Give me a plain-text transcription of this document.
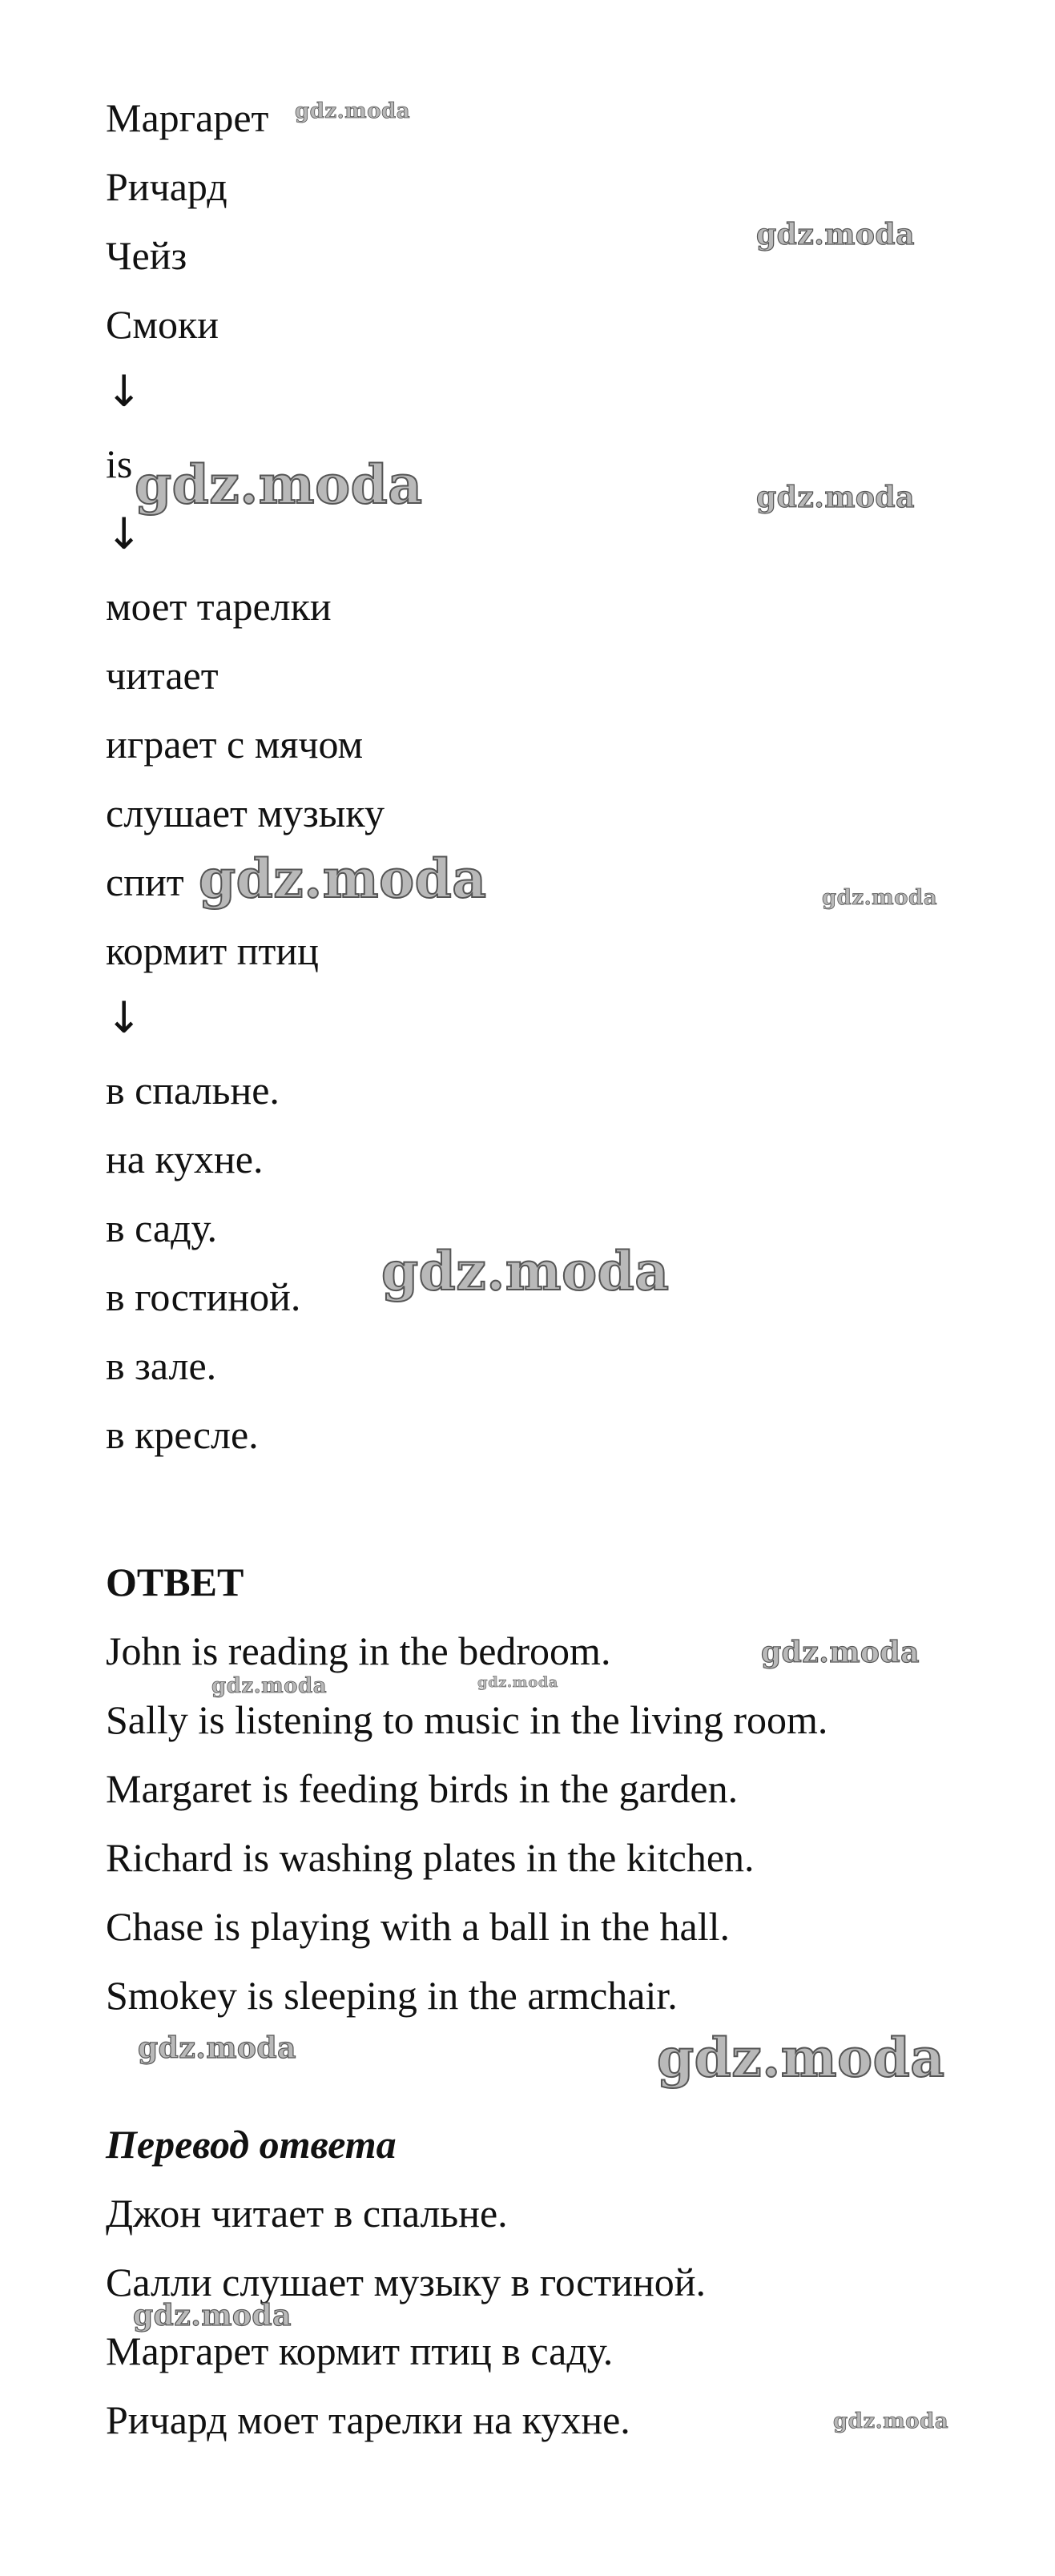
Маргарет
Ричард
Чейз
Смоки
↓
is
↓
моет тарелки
читает
играет с мячом
слушает музыку
спит
кормит птиц
↓
в спальне.
на кухне.
в саду.
в гостиной.
в зале.
в кресле.
ОТВЕТ
John is reading in the bedroom.
Sally is listening to music in the living room.
Margaret is feeding birds in the garden.
Richard is washing plates in the kitchen.
Chase is playing with a ball in the hall.
Smokey is sleeping in the armchair.
Перевод ответа
Джон читает в спальне.
Салли слушает музыку в гостиной.
Маргарет кормит птиц в саду.
Ричард моет тарелки на кухне.
gdz.moda
gdz.moda
gdz.moda	gdz.moda
gdz.moda	gdz.moda
gdz.moda
gdz.moda
gdz.moda	gdz.moda
gdz.moda	gdz.moda
gdz.moda
gdz.moda
